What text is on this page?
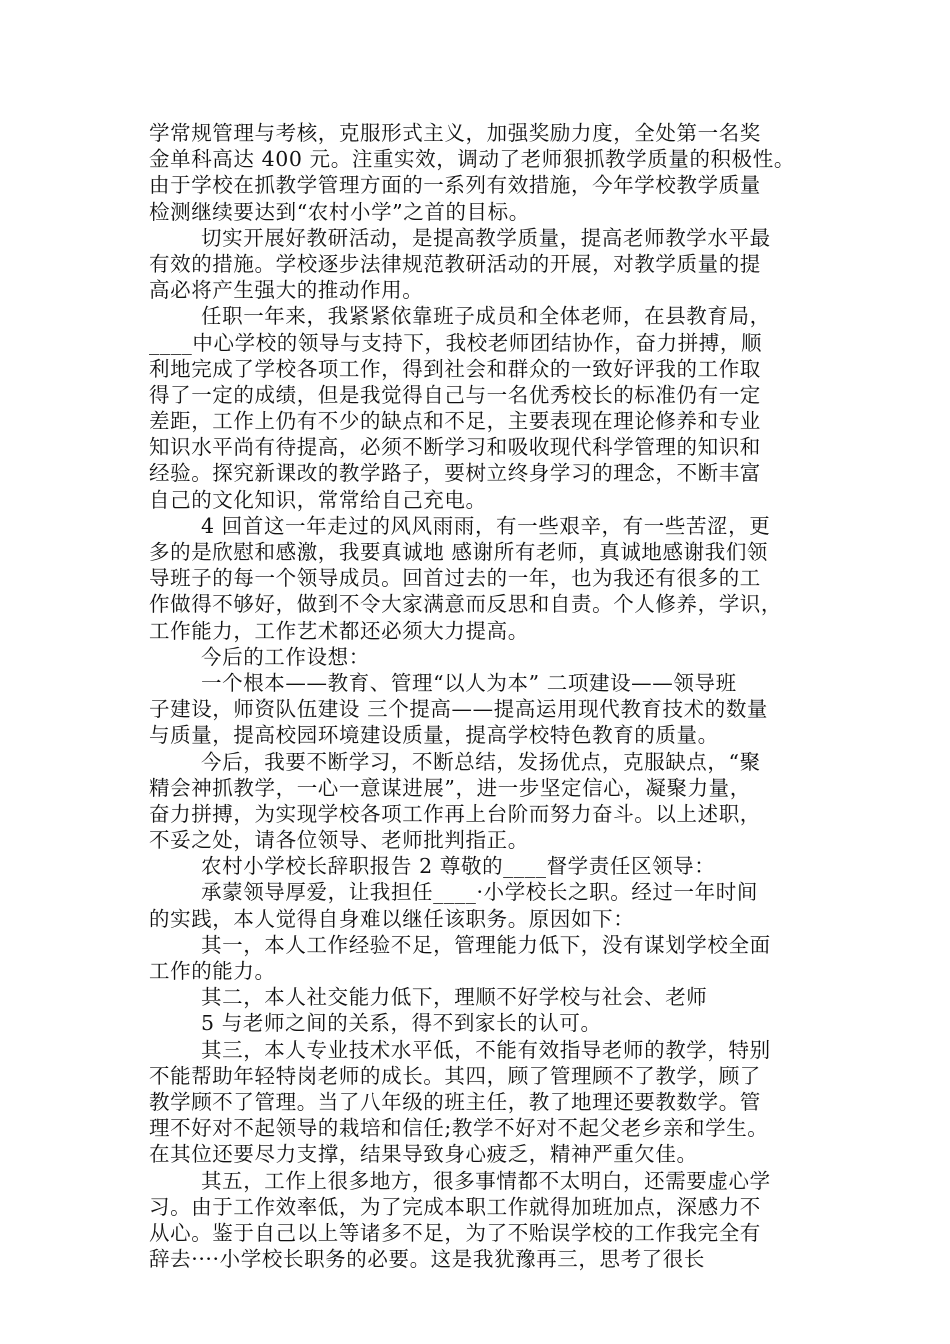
学常规管理与考核，克服形式主义，加强奖励力度，全处第一名奖
金单科高达 400 元。注重实效，调动了老师狠抓教学质量的积极性。
由于学校在抓教学管理方面的一系列有效措施，今年学校教学质量
检测继续要达到“农村小学”之首的目标。
切实开展好教研活动，是提高教学质量，提高老师教学水平最
有效的措施。学校逐步法律规范教研活动的开展，对教学质量的提
高必将产生强大的推动作用。
任职一年来，我紧紧依靠班子成员和全体老师，在县教育局，
____中心学校的领导与支持下，我校老师团结协作，奋力拼搏，顺
利地完成了学校各项工作，得到社会和群众的一致好评我的工作取
得了一定的成绩，但是我觉得自己与一名优秀校长的标准仍有一定
差距，工作上仍有不少的缺点和不足，主要表现在理论修养和专业
知识水平尚有待提高，必须不断学习和吸收现代科学管理的知识和
经验。探究新课改的教学路子，要树立终身学习的理念，不断丰富
自己的文化知识，常常给自己充电。
4 回首这一年走过的风风雨雨，有一些艰辛，有一些苦涩，更
多的是欣慰和感激，我要真诚地 感谢所有老师，真诚地感谢我们领
导班子的每一个领导成员。回首过去的一年，也为我还有很多的工
作做得不够好，做到不令大家满意而反思和自责。个人修养，学识，
工作能力，工作艺术都还必须大力提高。
今后的工作设想：
一个根本——教育、管理“以人为本” 二项建设——领导班
子建设，师资队伍建设 三个提高——提高运用现代教育技术的数量
与质量，提高校园环境建设质量，提高学校特色教育的质量。
今后，我要不断学习，不断总结，发扬优点，克服缺点，“聚
精会神抓教学，一心一意谋进展”，进一步坚定信心，凝聚力量，
奋力拼搏，为实现学校各项工作再上台阶而努力奋斗。以上述职，
不妥之处，请各位领导、老师批判指正。
农村小学校长辞职报告 2 尊敬的____督学责任区领导：
承蒙领导厚爱，让我担任____·小学校长之职。经过一年时间
的实践，本人觉得自身难以继任该职务。原因如下：
其一，本人工作经验不足，管理能力低下，没有谋划学校全面
工作的能力。
其二，本人社交能力低下，理顺不好学校与社会、老师
5 与老师之间的关系，得不到家长的认可。
其三，本人专业技术水平低，不能有效指导老师的教学，特别
不能帮助年轻特岗老师的成长。其四，顾了管理顾不了教学，顾了
教学顾不了管理。当了八年级的班主任，教了地理还要教数学。管
理不好对不起领导的栽培和信任;教学不好对不起父老乡亲和学生。
在其位还要尽力支撑，结果导致身心疲乏，精神严重欠佳。
其五，工作上很多地方，很多事情都不太明白，还需要虚心学
习。由于工作效率低，为了完成本职工作就得加班加点，深感力不
从心。鉴于自己以上等诸多不足，为了不贻误学校的工作我完全有
辞去····小学校长职务的必要。这是我犹豫再三，思考了很长
